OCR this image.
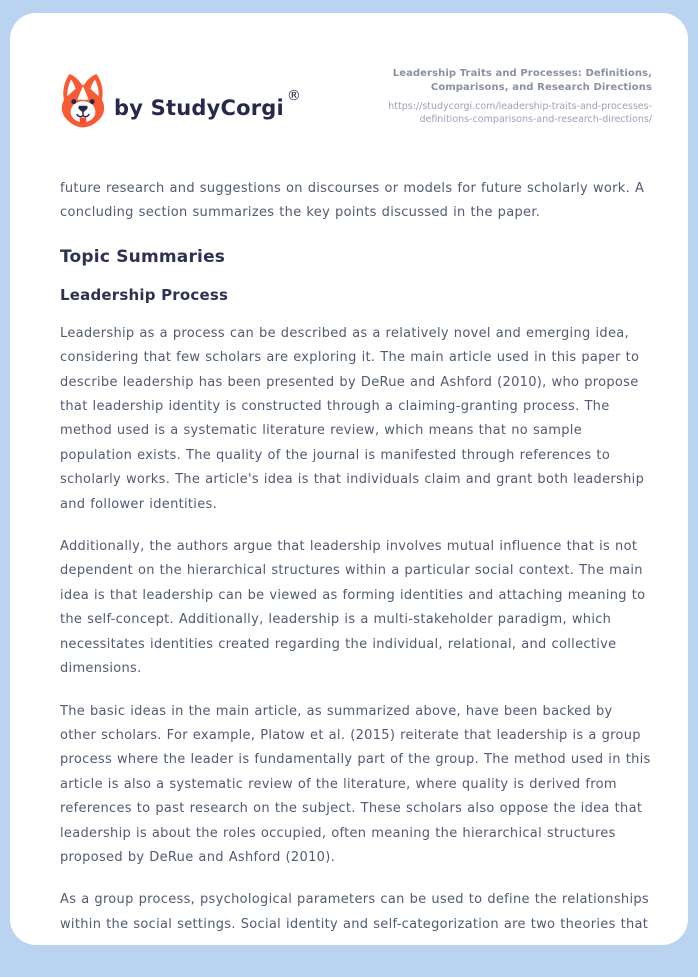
by StudyCorgi ®
Leadership Traits and Processes: Definitions, Comparisons, and Research Directions
https://studycorgi.com/leadership-traits-and-processes-definitions-comparisons-and-research-directions/

future research and suggestions on discourses or models for future scholarly work. A concluding section summarizes the key points discussed in the paper.

Topic Summaries
Leadership Process

Leadership as a process can be described as a relatively novel and emerging idea, considering that few scholars are exploring it. The main article used in this paper to describe leadership has been presented by DeRue and Ashford (2010), who propose that leadership identity is constructed through a claiming-granting process. The method used is a systematic literature review, which means that no sample population exists. The quality of the journal is manifested through references to scholarly works. The article's idea is that individuals claim and grant both leadership and follower identities.

Additionally, the authors argue that leadership involves mutual influence that is not dependent on the hierarchical structures within a particular social context. The main idea is that leadership can be viewed as forming identities and attaching meaning to the self-concept. Additionally, leadership is a multi-stakeholder paradigm, which necessitates identities created regarding the individual, relational, and collective dimensions.

The basic ideas in the main article, as summarized above, have been backed by other scholars. For example, Platow et al. (2015) reiterate that leadership is a group process where the leader is fundamentally part of the group. The method used in this article is also a systematic review of the literature, where quality is derived from references to past research on the subject. These scholars also oppose the idea that leadership is about the roles occupied, often meaning the hierarchical structures proposed by DeRue and Ashford (2010).

As a group process, psychological parameters can be used to define the relationships within the social settings. Social identity and self-categorization are two theories that
